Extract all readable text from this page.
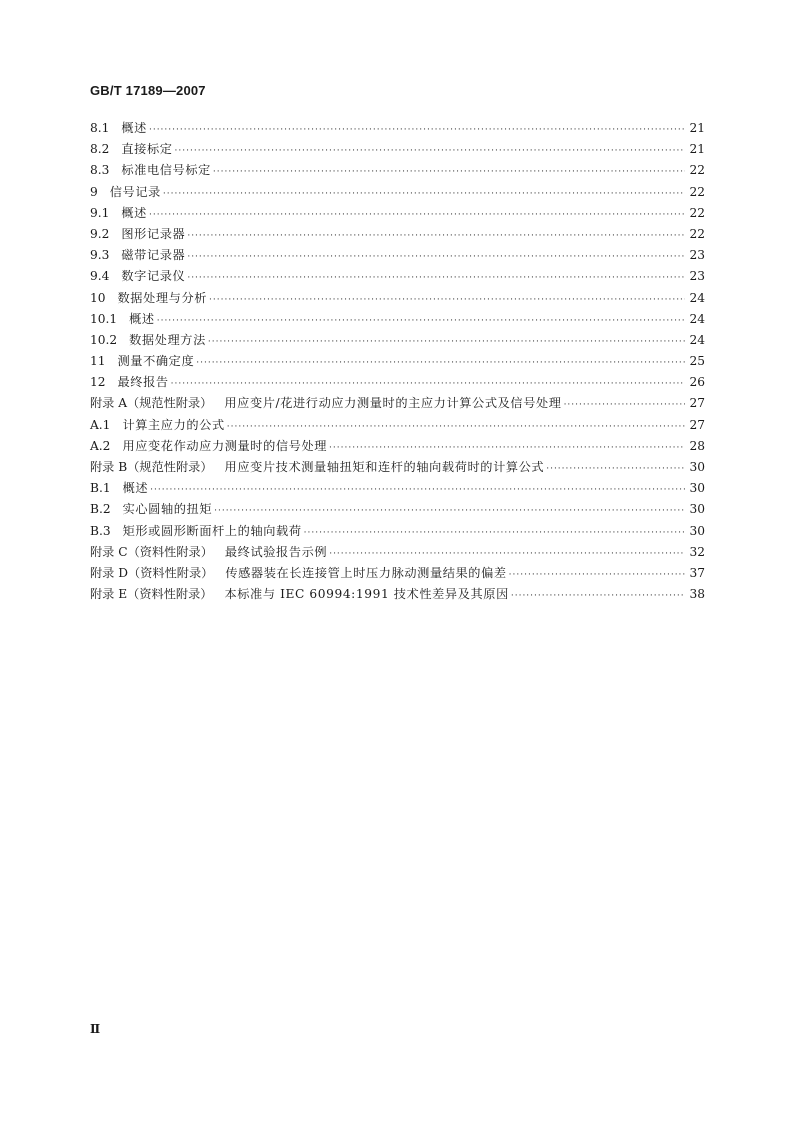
GB/T 17189—2007
8.1 概述 ·····	21
8.2 直接标定 ·····	21
8.3 标准电信号标定 ·····	22
9 信号记录 ·····	22
9.1 概述 ·····	22
9.2 图形记录器 ·····	22
9.3 磁带记录器 ·····	23
9.4 数字记录仪 ·····	23
10 数据处理与分析 ·····	24
10.1 概述 ·····	24
10.2 数据处理方法 ·····	24
11 测量不确定度 ·····	25
12 最终报告 ·····	26
附录 A（规范性附录） 用应变片/花进行动应力测量时的主应力计算公式及信号处理 ·····	27
A.1 计算主应力的公式 ·····	27
A.2 用应变花作动应力测量时的信号处理 ·····	28
附录 B（规范性附录） 用应变片技术测量轴扭矩和连杆的轴向载荷时的计算公式 ·····	30
B.1 概述 ·····	30
B.2 实心圆轴的扭矩 ·····	30
B.3 矩形或圆形断面杆上的轴向载荷 ·····	30
附录 C（资料性附录） 最终试验报告示例 ·····	32
附录 D（资料性附录） 传感器装在长连接管上时压力脉动测量结果的偏差 ·····	37
附录 E（资料性附录） 本标准与 IEC 60994:1991 技术性差异及其原因 ·····	38
Ⅱ
